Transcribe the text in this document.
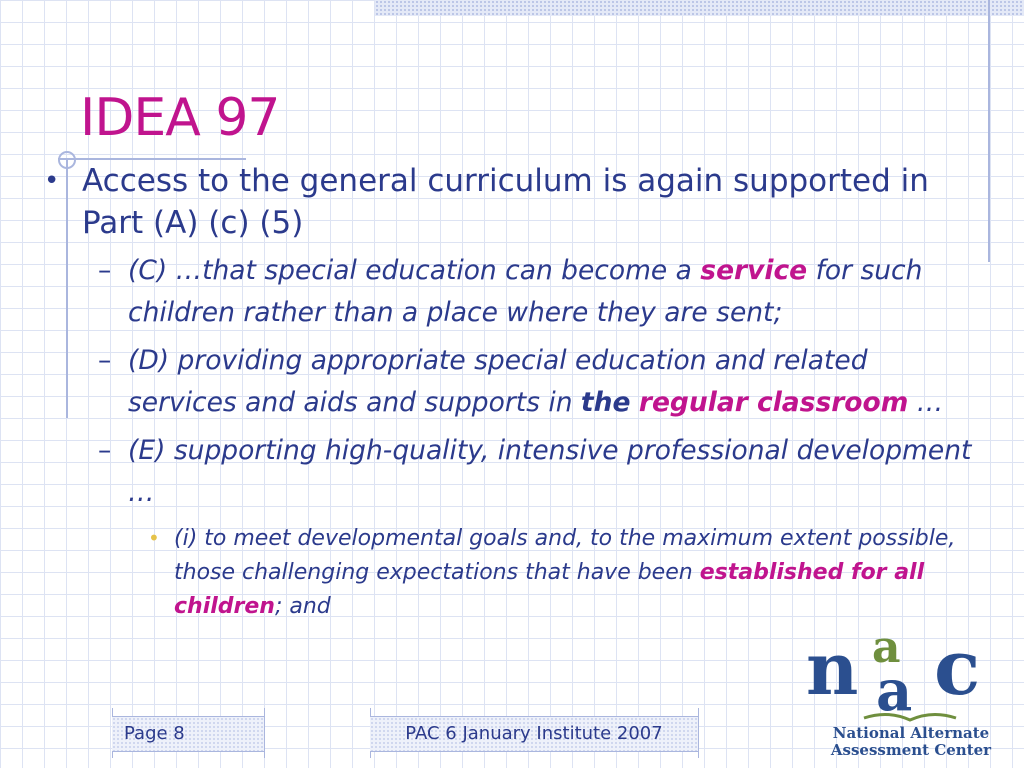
IDEA 97

• Access to the general curriculum is again supported in Part (A) (c) (5)

– (C) …that special education can become a service for such children rather than a place where they are sent;

– (D) providing appropriate special education and related services and aids and supports in the regular classroom …

– (E) supporting high-quality, intensive professional development …

• (i) to meet developmental goals and, to the maximum extent possible, those challenging expectations that have been established for all children; and

Page 8	PAC 6 January Institute 2007
n a
a c
National Alternate
Assessment Center
